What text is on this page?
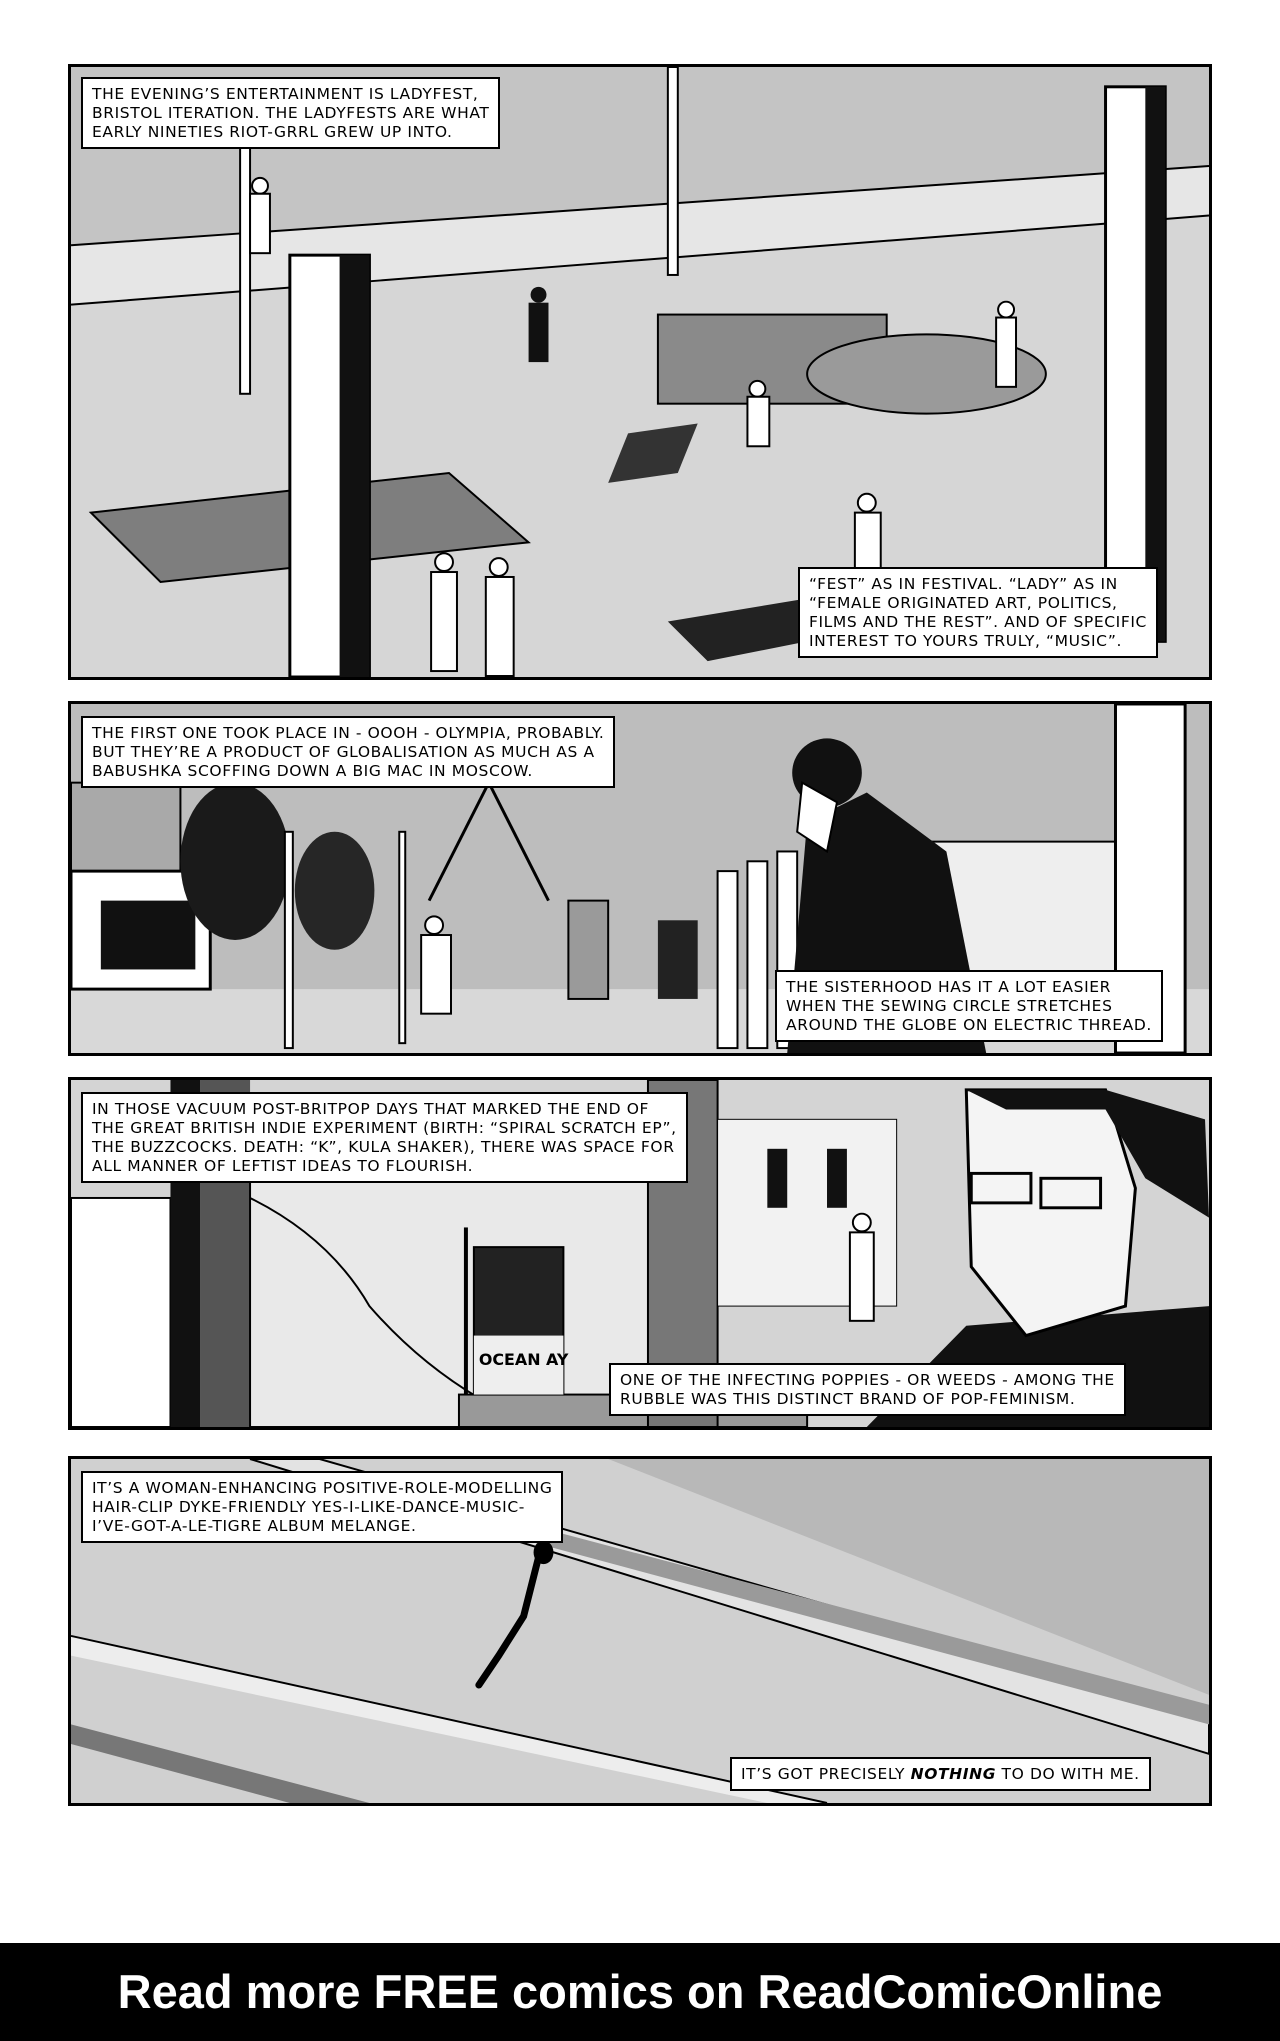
THE EVENING’S ENTERTAINMENT IS LADYFEST,
BRISTOL ITERATION. THE LADYFESTS ARE WHAT
EARLY NINETIES RIOT-GRRL GREW UP INTO.
“FEST” AS IN FESTIVAL. “LADY” AS IN
“FEMALE ORIGINATED ART, POLITICS,
FILMS AND THE REST”. AND OF SPECIFIC
INTEREST TO YOURS TRULY, “MUSIC”.
THE FIRST ONE TOOK PLACE IN - OOOH - OLYMPIA, PROBABLY.
BUT THEY’RE A PRODUCT OF GLOBALISATION AS MUCH AS A
BABUSHKA SCOFFING DOWN A BIG MAC IN MOSCOW.
THE SISTERHOOD HAS IT A LOT EASIER
WHEN THE SEWING CIRCLE STRETCHES
AROUND THE GLOBE ON ELECTRIC THREAD.
OCEAN AY
IN THOSE VACUUM POST-BRITPOP DAYS THAT MARKED THE END OF
THE GREAT BRITISH INDIE EXPERIMENT (BIRTH: “SPIRAL SCRATCH EP”,
THE BUZZCOCKS. DEATH: “K”, KULA SHAKER), THERE WAS SPACE FOR
ALL MANNER OF LEFTIST IDEAS TO FLOURISH.
ONE OF THE INFECTING POPPIES - OR WEEDS - AMONG THE
RUBBLE WAS THIS DISTINCT BRAND OF POP-FEMINISM.
IT’S A WOMAN-ENHANCING POSITIVE-ROLE-MODELLING
HAIR-CLIP DYKE-FRIENDLY YES-I-LIKE-DANCE-MUSIC-
I’VE-GOT-A-LE-TIGRE ALBUM MELANGE.
IT’S GOT PRECISELY NOTHING TO DO WITH ME.
Read more FREE comics on ReadComicOnline
